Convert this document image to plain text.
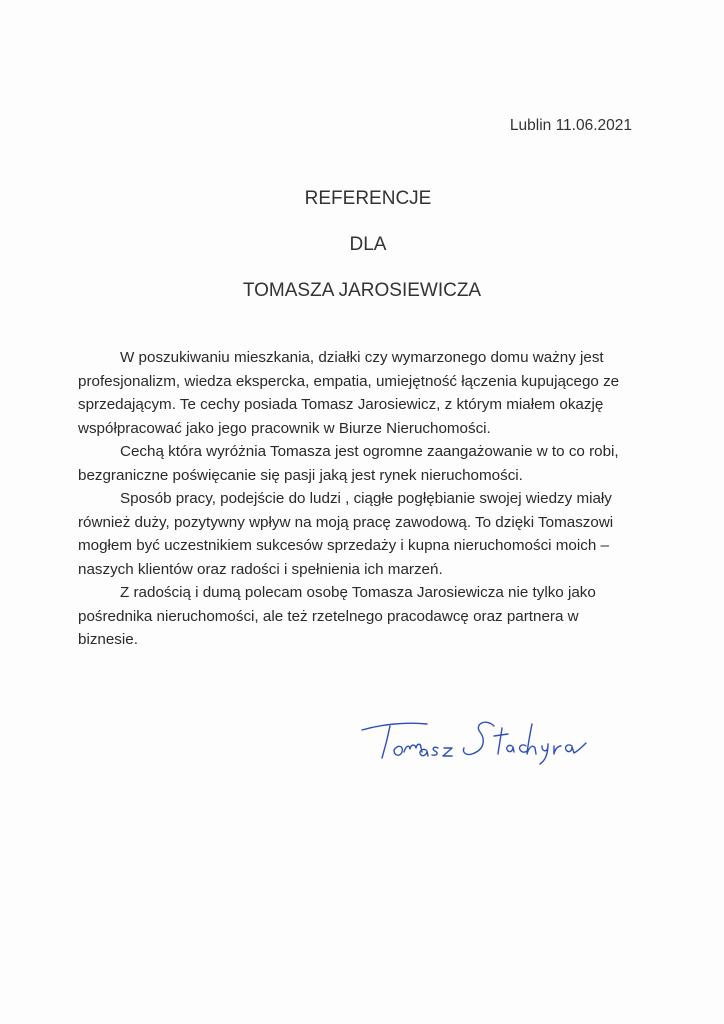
Lublin 11.06.2021
REFERENCJE
DLA
TOMASZA JAROSIEWICZA

W poszukiwaniu mieszkania, działki czy wymarzonego domu ważny jest profesjonalizm, wiedza ekspercka, empatia, umiejętność łączenia kupującego ze sprzedającym. Te cechy posiada Tomasz Jarosiewicz, z którym miałem okazję współpracować jako jego pracownik w Biurze Nieruchomości.

Cechą która wyróżnia Tomasza jest ogromne zaangażowanie w to co robi, bezgraniczne poświęcanie się pasji jaką jest rynek nieruchomości.

Sposób pracy, podejście do ludzi , ciągłe pogłębianie swojej wiedzy miały również duży, pozytywny wpływ na moją pracę zawodową. To dzięki Tomaszowi mogłem być uczestnikiem sukcesów sprzedaży i kupna nieruchomości moich – naszych klientów oraz radości i spełnienia ich marzeń.

Z radością i dumą polecam osobę Tomasza Jarosiewicza nie tylko jako pośrednika nieruchomości, ale też rzetelnego pracodawcę oraz partnera w biznesie.
